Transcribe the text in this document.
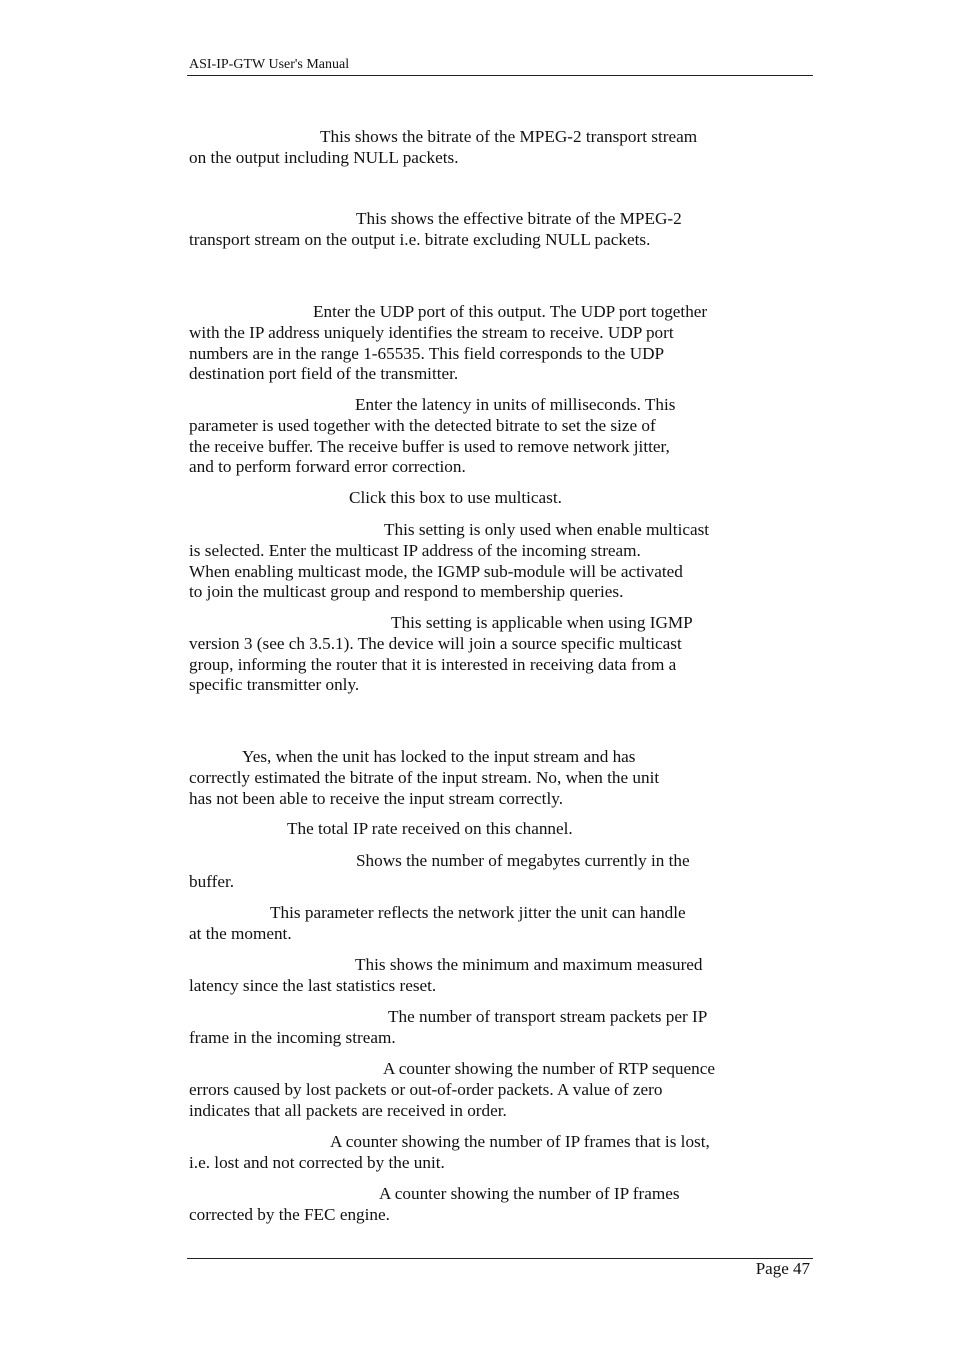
ASI-IP-GTW User's Manual

This shows the bitrate of the MPEG-2 transport stream
on the output including NULL packets.

This shows the effective bitrate of the MPEG-2
transport stream on the output i.e. bitrate excluding NULL packets.

Enter the UDP port of this output. The UDP port together
with the IP address uniquely identifies the stream to receive. UDP port
numbers are in the range 1-65535. This field corresponds to the UDP
destination port field of the transmitter.

Enter the latency in units of milliseconds. This
parameter is used together with the detected bitrate to set the size of
the receive buffer. The receive buffer is used to remove network jitter,
and to perform forward error correction.

Click this box to use multicast.

This setting is only used when enable multicast
is selected. Enter the multicast IP address of the incoming stream.
When enabling multicast mode, the IGMP sub-module will be activated
to join the multicast group and respond to membership queries.

This setting is applicable when using IGMP
version 3 (see ch 3.5.1). The device will join a source specific multicast
group, informing the router that it is interested in receiving data from a
specific transmitter only.

Yes, when the unit has locked to the input stream and has
correctly estimated the bitrate of the input stream. No, when the unit
has not been able to receive the input stream correctly.

The total IP rate received on this channel.

Shows the number of megabytes currently in the
buffer.

This parameter reflects the network jitter the unit can handle
at the moment.

This shows the minimum and maximum measured
latency since the last statistics reset.

The number of transport stream packets per IP
frame in the incoming stream.

A counter showing the number of RTP sequence
errors caused by lost packets or out-of-order packets. A value of zero
indicates that all packets are received in order.

A counter showing the number of IP frames that is lost,
i.e. lost and not corrected by the unit.

A counter showing the number of IP frames
corrected by the FEC engine.

Page 47
